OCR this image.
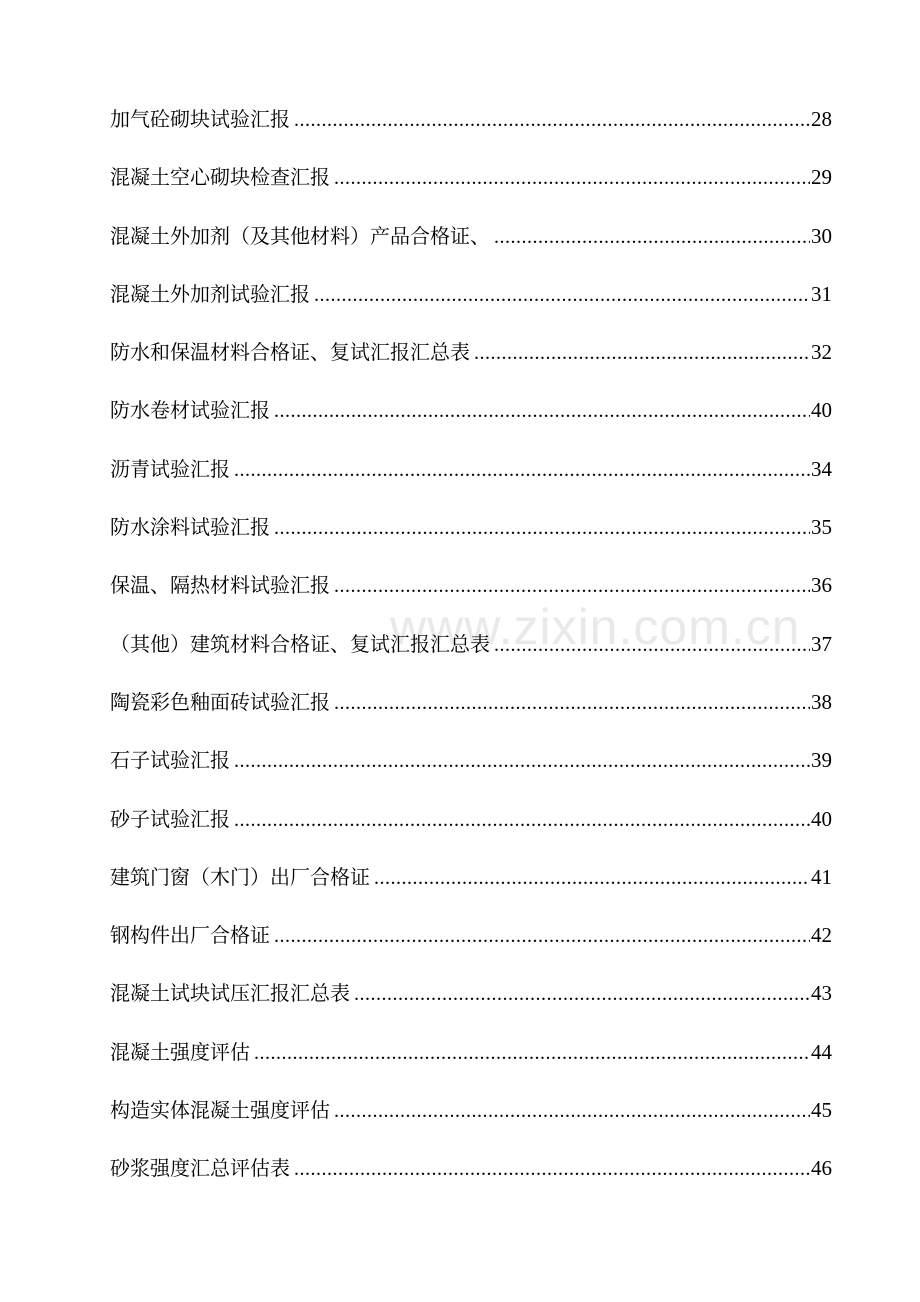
www.zixin.com.cn
加气砼砌块试验汇报 .....	28
混凝土空心砌块检查汇报 .....	29
混凝土外加剂（及其他材料）产品合格证、 .....	30
混凝土外加剂试验汇报 .....	31
防水和保温材料合格证、复试汇报汇总表 .....	32
防水卷材试验汇报 .....	40
沥青试验汇报 .....	34
防水涂料试验汇报 .....	35
保温、隔热材料试验汇报 .....	36
（其他）建筑材料合格证、复试汇报汇总表 .....	37
陶瓷彩色釉面砖试验汇报 .....	38
石子试验汇报 .....	39
砂子试验汇报 .....	40
建筑门窗（木门）出厂合格证 .....	41
钢构件出厂合格证 .....	42
混凝土试块试压汇报汇总表 .....	43
混凝土强度评估 .....	44
构造实体混凝土强度评估 .....	45
砂浆强度汇总评估表 .....	46
